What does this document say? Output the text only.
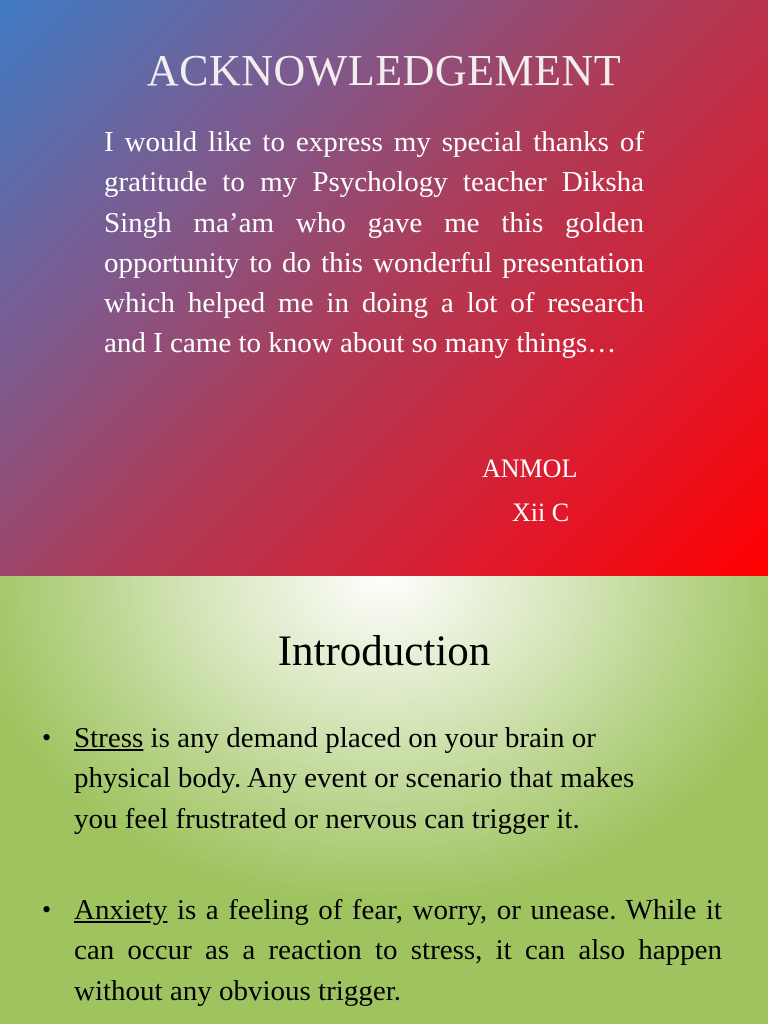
ACKNOWLEDGEMENT

I would like to express my special thanks of gratitude to my Psychology teacher Diksha Singh ma’am who gave me this golden opportunity to do this wonderful presentation which helped me in doing a lot of research and I came to know about so many things…

ANMOL
Xii C
Introduction
• Stress is any demand placed on your brain or physical body. Any event or scenario that makes you feel frustrated or nervous can trigger it.

• Anxiety is a feeling of fear, worry, or unease. While it can occur as a reaction to stress, it can also happen without any obvious trigger.
